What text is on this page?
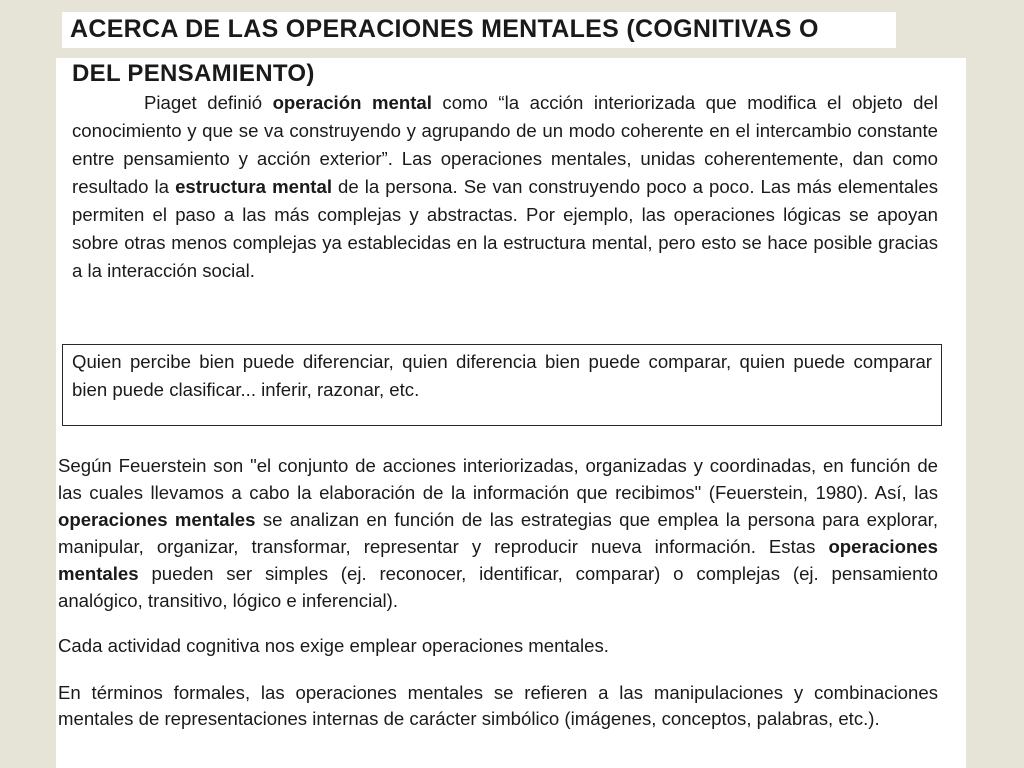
ACERCA DE LAS OPERACIONES MENTALES (COGNITIVAS O
DEL PENSAMIENTO)

Piaget definió operación mental como “la acción interiorizada que modifica el objeto del conocimiento y que se va construyendo y agrupando de un modo coherente en el intercambio constante entre pensamiento y acción exterior”. Las operaciones mentales, unidas coherentemente, dan como resultado la estructura mental de la persona. Se van construyendo poco a poco. Las más elementales permiten el paso a las más complejas y abstractas. Por ejemplo, las operaciones lógicas se apoyan sobre otras menos complejas ya establecidas en la estructura mental, pero esto se hace posible gracias a la interacción social.

Quien percibe bien puede diferenciar, quien diferencia bien puede comparar, quien puede comparar bien puede clasificar... inferir, razonar, etc.

Según Feuerstein son "el conjunto de acciones interiorizadas, organizadas y coordinadas, en función de las cuales llevamos a cabo la elaboración de la información que recibimos" (Feuerstein, 1980). Así, las operaciones mentales se analizan en función de las estrategias que emplea la persona para explorar, manipular, organizar, transformar, representar y reproducir nueva información. Estas operaciones mentales pueden ser simples (ej. reconocer, identificar, comparar) o complejas (ej. pensamiento analógico, transitivo, lógico e inferencial).

Cada actividad cognitiva nos exige emplear operaciones mentales.

En términos formales, las operaciones mentales se refieren a las manipulaciones y combinaciones mentales de representaciones internas de carácter simbólico (imágenes, conceptos, palabras, etc.).
